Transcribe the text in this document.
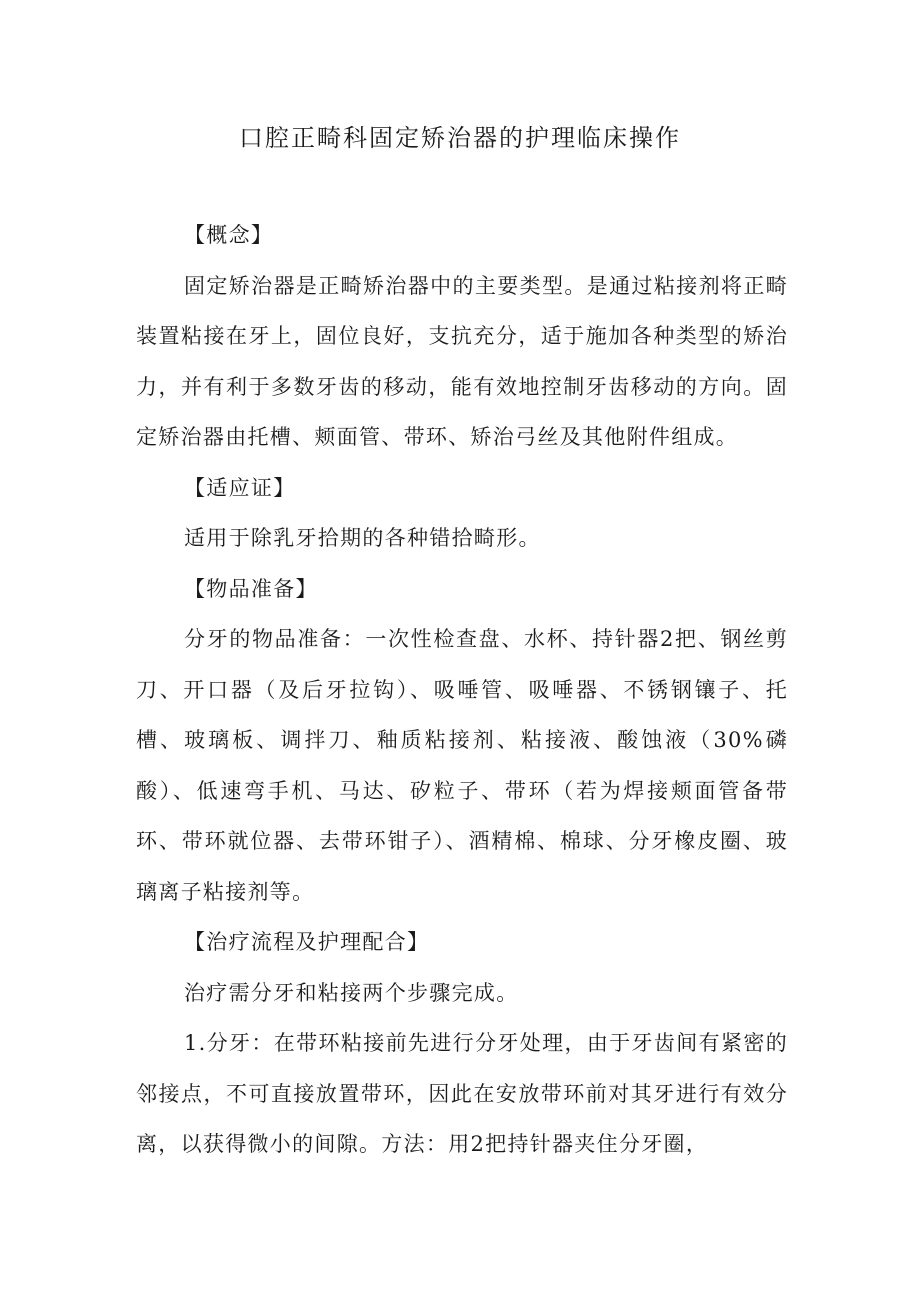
口腔正畸科固定矫治器的护理临床操作
【概念】

固定矫治器是正畸矫治器中的主要类型。是通过粘接剂将正畸装置粘接在牙上，固位良好，支抗充分，适于施加各种类型的矫治力，并有利于多数牙齿的移动，能有效地控制牙齿移动的方向。固定矫治器由托槽、颊面管、带环、矫治弓丝及其他附件组成。

【适应证】

适用于除乳牙拾期的各种错拾畸形。

【物品准备】

分牙的物品准备：一次性检查盘、水杯、持针器2把、钢丝剪刀、开口器（及后牙拉钩）、吸唾管、吸唾器、不锈钢镶子、托槽、玻璃板、调拌刀、釉质粘接剂、粘接液、酸蚀液（30%磷酸）、低速弯手机、马达、矽粒子、带环（若为焊接颊面管备带环、带环就位器、去带环钳子）、酒精棉、棉球、分牙橡皮圈、玻璃离子粘接剂等。

【治疗流程及护理配合】

治疗需分牙和粘接两个步骤完成。

1.分牙：在带环粘接前先进行分牙处理，由于牙齿间有紧密的邻接点，不可直接放置带环，因此在安放带环前对其牙进行有效分离，以获得微小的间隙。方法：用2把持针器夹住分牙圈，
